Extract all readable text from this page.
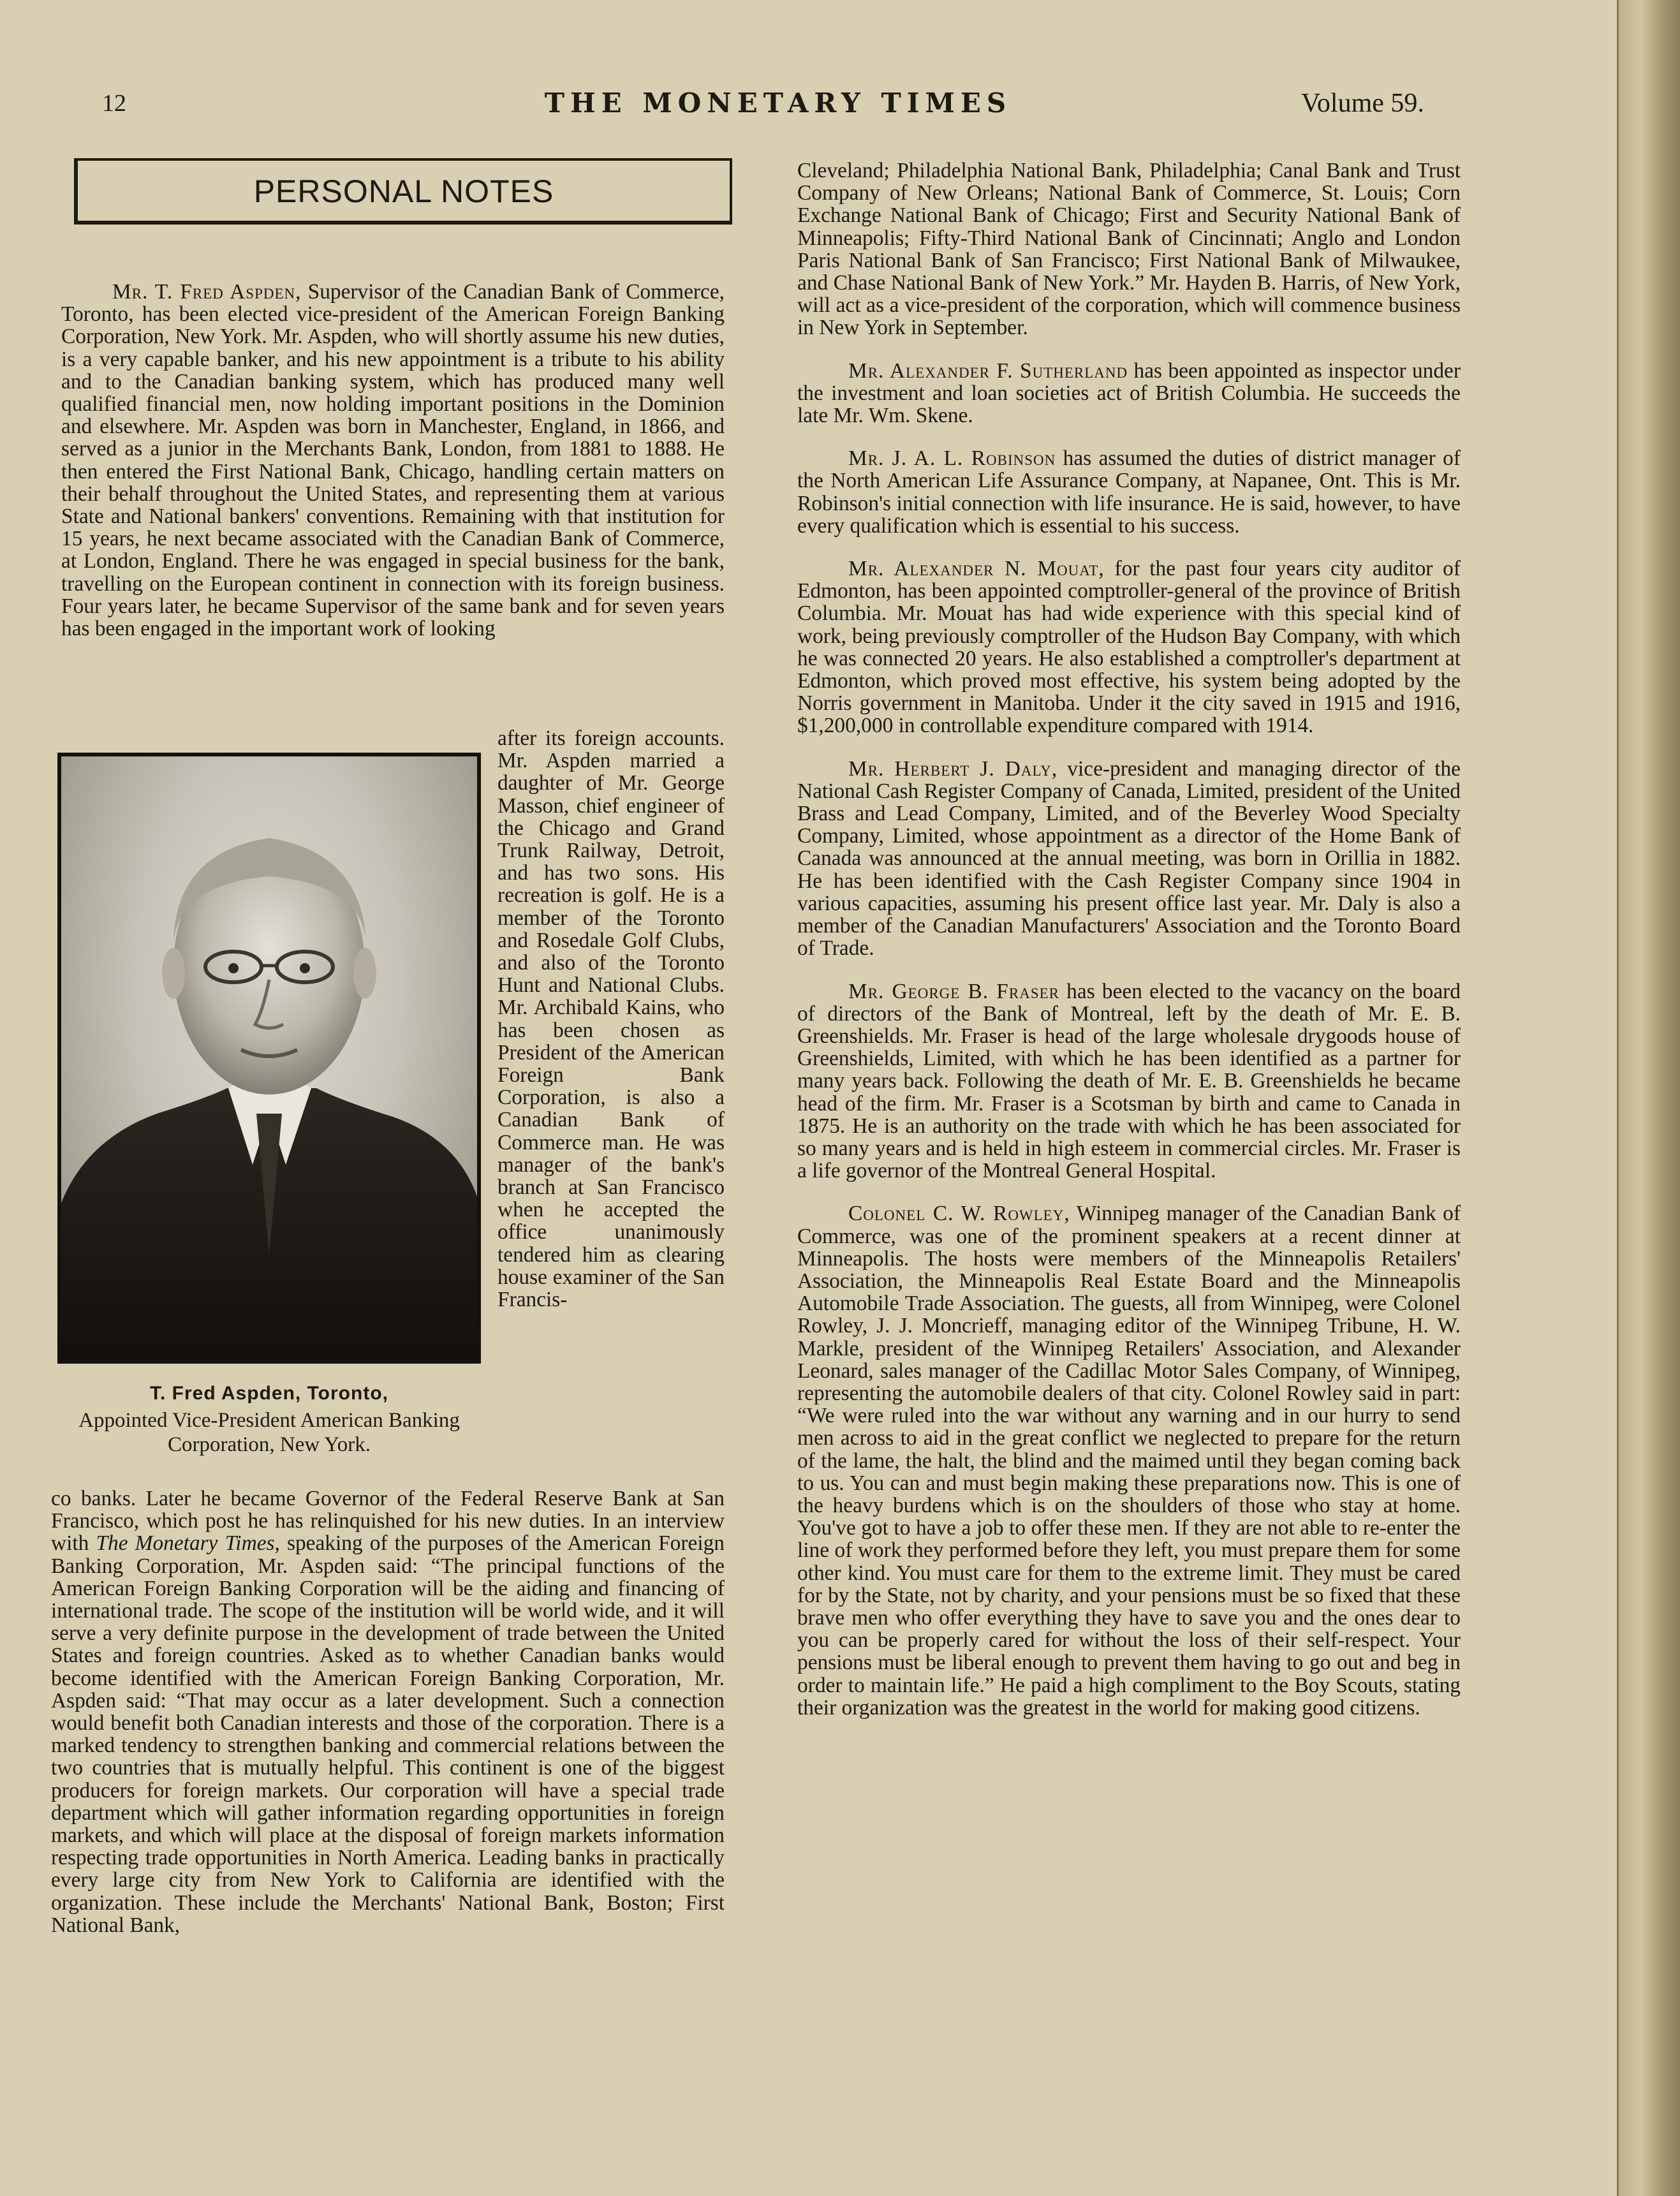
12	THE MONETARY TIMES	Volume 59.
PERSONAL NOTES

Mr. T. Fred Aspden, Supervisor of the Canadian Bank of Commerce, Toronto, has been elected vice-president of the American Foreign Banking Corporation, New York. Mr. Aspden, who will shortly assume his new duties, is a very capable banker, and his new appointment is a tribute to his ability and to the Canadian banking system, which has produced many well qualified financial men, now holding important positions in the Dominion and elsewhere. Mr. Aspden was born in Manchester, England, in 1866, and served as a junior in the Merchants Bank, London, from 1881 to 1888. He then entered the First National Bank, Chicago, handling certain matters on their behalf throughout the United States, and representing them at various State and National bankers' conventions. Remaining with that institution for 15 years, he next became associated with the Canadian Bank of Commerce, at London, England. There he was engaged in special business for the bank, travelling on the European continent in connection with its foreign business. Four years later, he became Supervisor of the same bank and for seven years has been engaged in the important work of looking

T. Fred Aspden, Toronto,
Appointed Vice-President American Banking Corporation, New York.

after its foreign accounts. Mr. Aspden married a daughter of Mr. George Masson, chief engineer of the Chicago and Grand Trunk Railway, Detroit, and has two sons. His recreation is golf. He is a member of the Toronto and Rosedale Golf Clubs, and also of the Toronto Hunt and National Clubs. Mr. Archibald Kains, who has been chosen as President of the American Foreign Bank Corporation, is also a Canadian Bank of Commerce man. He was manager of the bank's branch at San Francisco when he accepted the office unanimously tendered him as clearing house examiner of the San Francis-

co banks. Later he became Governor of the Federal Reserve Bank at San Francisco, which post he has relinquished for his new duties. In an interview with The Monetary Times, speaking of the purposes of the American Foreign Banking Corporation, Mr. Aspden said: “The principal functions of the American Foreign Banking Corporation will be the aiding and financing of international trade. The scope of the institution will be world wide, and it will serve a very definite purpose in the development of trade between the United States and foreign countries. Asked as to whether Canadian banks would become identified with the American Foreign Banking Corporation, Mr. Aspden said: “That may occur as a later development. Such a connection would benefit both Canadian interests and those of the corporation. There is a marked tendency to strengthen banking and commercial relations between the two countries that is mutually helpful. This continent is one of the biggest producers for foreign markets. Our corporation will have a special trade department which will gather information regarding opportunities in foreign markets, and which will place at the disposal of foreign markets information respecting trade opportunities in North America. Leading banks in practically every large city from New York to California are identified with the organization. These include the Merchants' National Bank, Boston; First National Bank,

Cleveland; Philadelphia National Bank, Philadelphia; Canal Bank and Trust Company of New Orleans; National Bank of Commerce, St. Louis; Corn Exchange National Bank of Chicago; First and Security National Bank of Minneapolis; Fifty-Third National Bank of Cincinnati; Anglo and London Paris National Bank of San Francisco; First National Bank of Milwaukee, and Chase National Bank of New York.” Mr. Hayden B. Harris, of New York, will act as a vice-president of the corporation, which will commence business in New York in September.

Mr. Alexander F. Sutherland has been appointed as inspector under the investment and loan societies act of British Columbia. He succeeds the late Mr. Wm. Skene.

Mr. J. A. L. Robinson has assumed the duties of district manager of the North American Life Assurance Company, at Napanee, Ont. This is Mr. Robinson's initial connection with life insurance. He is said, however, to have every qualification which is essential to his success.

Mr. Alexander N. Mouat, for the past four years city auditor of Edmonton, has been appointed comptroller-general of the province of British Columbia. Mr. Mouat has had wide experience with this special kind of work, being previously comptroller of the Hudson Bay Company, with which he was connected 20 years. He also established a comptroller's department at Edmonton, which proved most effective, his system being adopted by the Norris government in Manitoba. Under it the city saved in 1915 and 1916, $1,200,000 in controllable expenditure compared with 1914.

Mr. Herbert J. Daly, vice-president and managing director of the National Cash Register Company of Canada, Limited, president of the United Brass and Lead Company, Limited, and of the Beverley Wood Specialty Company, Limited, whose appointment as a director of the Home Bank of Canada was announced at the annual meeting, was born in Orillia in 1882. He has been identified with the Cash Register Company since 1904 in various capacities, assuming his present office last year. Mr. Daly is also a member of the Canadian Manufacturers' Association and the Toronto Board of Trade.

Mr. George B. Fraser has been elected to the vacancy on the board of directors of the Bank of Montreal, left by the death of Mr. E. B. Greenshields. Mr. Fraser is head of the large wholesale drygoods house of Greenshields, Limited, with which he has been identified as a partner for many years back. Following the death of Mr. E. B. Greenshields he became head of the firm. Mr. Fraser is a Scotsman by birth and came to Canada in 1875. He is an authority on the trade with which he has been associated for so many years and is held in high esteem in commercial circles. Mr. Fraser is a life governor of the Montreal General Hospital.

Colonel C. W. Rowley, Winnipeg manager of the Canadian Bank of Commerce, was one of the prominent speakers at a recent dinner at Minneapolis. The hosts were members of the Minneapolis Retailers' Association, the Minneapolis Real Estate Board and the Minneapolis Automobile Trade Association. The guests, all from Winnipeg, were Colonel Rowley, J. J. Moncrieff, managing editor of the Winnipeg Tribune, H. W. Markle, president of the Winnipeg Retailers' Association, and Alexander Leonard, sales manager of the Cadillac Motor Sales Company, of Winnipeg, representing the automobile dealers of that city. Colonel Rowley said in part: “We were ruled into the war without any warning and in our hurry to send men across to aid in the great conflict we neglected to prepare for the return of the lame, the halt, the blind and the maimed until they began coming back to us. You can and must begin making these preparations now. This is one of the heavy burdens which is on the shoulders of those who stay at home. You've got to have a job to offer these men. If they are not able to re-enter the line of work they performed before they left, you must prepare them for some other kind. You must care for them to the extreme limit. They must be cared for by the State, not by charity, and your pensions must be so fixed that these brave men who offer everything they have to save you and the ones dear to you can be properly cared for without the loss of their self-respect. Your pensions must be liberal enough to prevent them having to go out and beg in order to maintain life.” He paid a high compliment to the Boy Scouts, stating their organization was the greatest in the world for making good citizens.
